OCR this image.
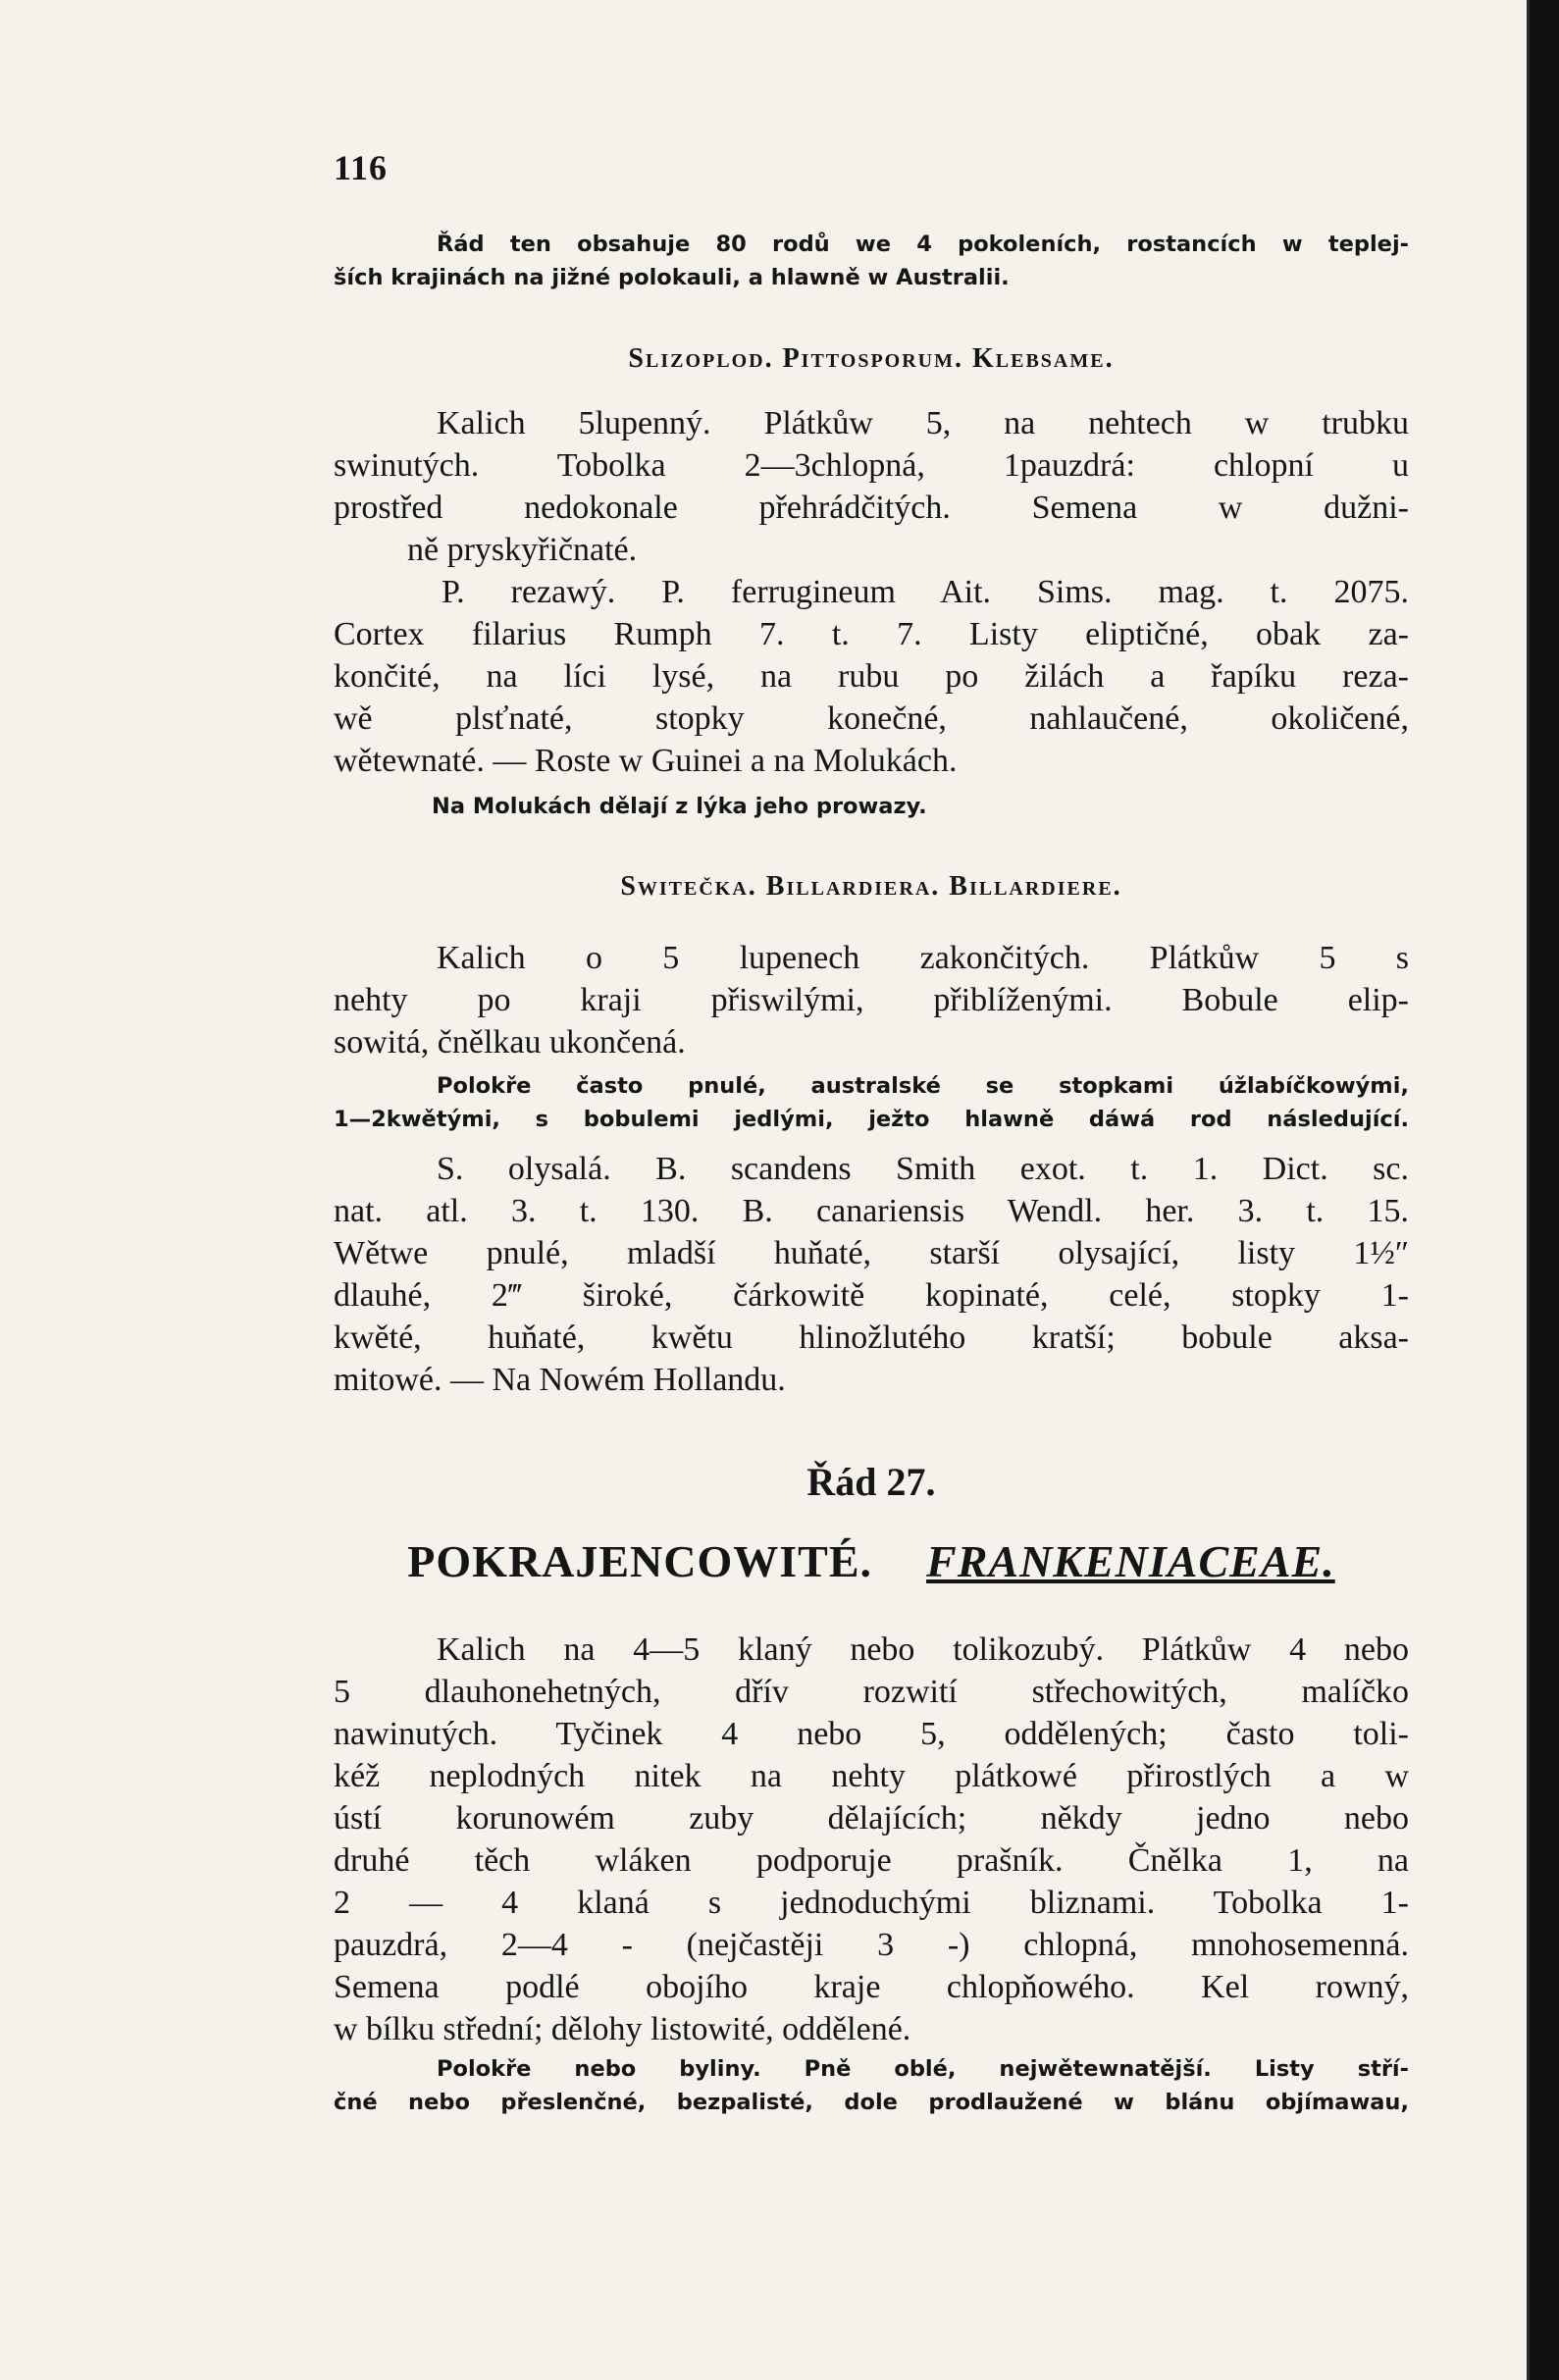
116
Řád ten obsahuje 80 rodů we 4 pokoleních, rostancích w teplej-
ších krajinách na jižné polokauli, a hlawně w Australii.
Slizoplod. Pittosporum. Klebsame.
Kalich 5lupenný. Plátkůw 5, na nehtech w trubku
swinutých. Tobolka 2—3chlopná, 1pauzdrá: chlopní u
prostřed nedokonale přehrádčitých. Semena w dužni-
ně pryskyřičnaté.
P. rezawý. P. ferrugineum Ait. Sims. mag. t. 2075.
Cortex filarius Rumph 7. t. 7. Listy eliptičné, obak za-
končité, na líci lysé, na rubu po žilách a řapíku reza-
wě plsťnaté, stopky konečné, nahlaučené, okoličené,
wětewnaté. — Roste w Guinei a na Molukách.
Na Molukách dělají z lýka jeho prowazy.
Switečka. Billardiera. Billardiere.
Kalich o 5 lupenech zakončitých. Plátkůw 5 s
nehty po kraji přiswilými, přiblíženými. Bobule elip-
sowitá, čnělkau ukončená.
Polokře často pnulé, australské se stopkami úžlabíčkowými,
1—2kwětými, s bobulemi jedlými, ježto hlawně dáwá rod následující.
S. olysalá. B. scandens Smith exot. t. 1. Dict. sc.
nat. atl. 3. t. 130. B. canariensis Wendl. her. 3. t. 15.
Wětwe pnulé, mladší huňaté, starší olysající, listy 1½″
dlauhé, 2‴ široké, čárkowitě kopinaté, celé, stopky 1-
kwěté, huňaté, kwětu hlinožlutého kratší; bobule aksa-
mitowé. — Na Nowém Hollandu.
Řád 27.
POKRAJENCOWITÉ. FRANKENIACEAE.
Kalich na 4—5 klaný nebo tolikozubý. Plátkůw 4 nebo
5 dlauhonehetných, dřív rozwití střechowitých, malíčko
nawinutých. Tyčinek 4 nebo 5, oddělených; často toli-
kéž neplodných nitek na nehty plátkowé přirostlých a w
ústí korunowém zuby dělajících; někdy jedno nebo
druhé těch wláken podporuje prašník. Čnělka 1, na
2 — 4 klaná s jednoduchými bliznami. Tobolka 1-
pauzdrá, 2—4 - (nejčastěji 3 -) chlopná, mnohosemenná.
Semena podlé obojího kraje chlopňowého. Kel rowný,
w bílku střední; dělohy listowité, oddělené.
Polokře nebo byliny. Pně oblé, nejwětewnatější. Listy stří-
čné nebo přeslenčné, bezpalisté, dole prodlaužené w blánu objímawau,
